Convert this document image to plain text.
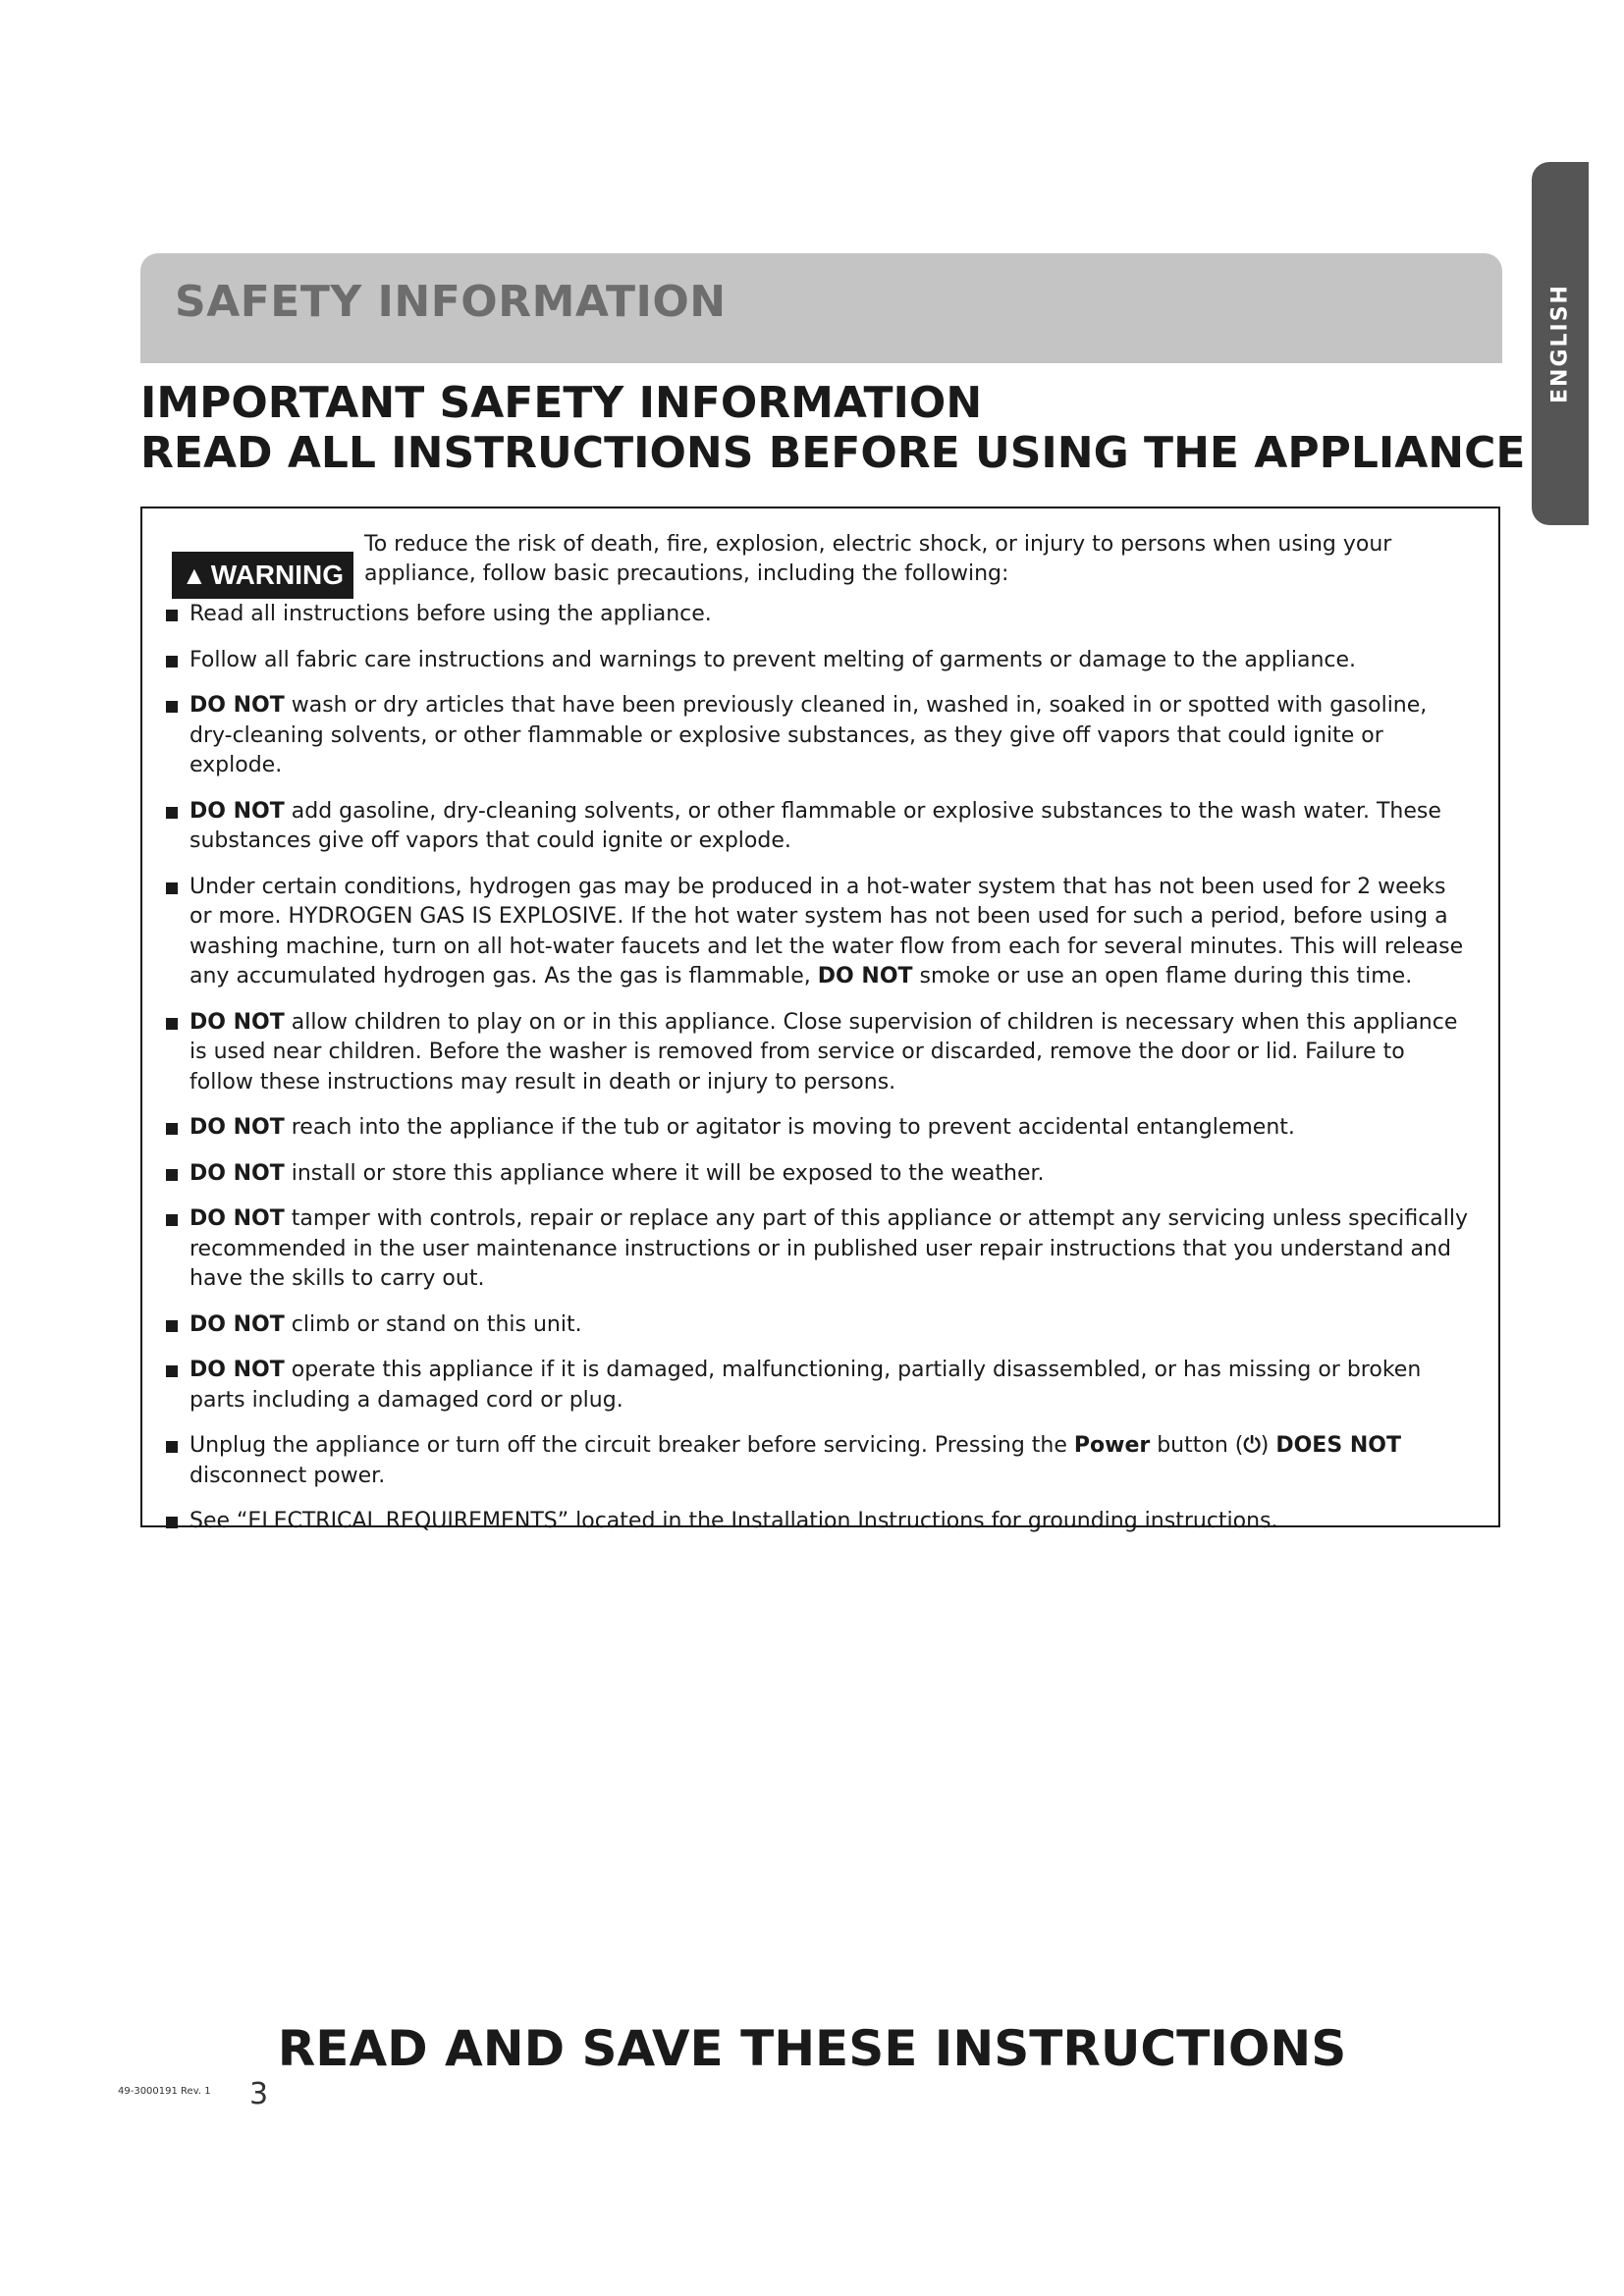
ENGLISH
SAFETY INFORMATION
IMPORTANT SAFETY INFORMATION
READ ALL INSTRUCTIONS BEFORE USING THE APPLIANCE
▲ WARNING
To reduce the risk of death, fire, explosion, electric shock, or injury to persons when using your appliance, follow basic precautions, including the following:
Read all instructions before using the appliance.
Follow all fabric care instructions and warnings to prevent melting of garments or damage to the appliance.
DO NOT wash or dry articles that have been previously cleaned in, washed in, soaked in or spotted with gasoline, dry-cleaning solvents, or other flammable or explosive substances, as they give off vapors that could ignite or explode.
DO NOT add gasoline, dry-cleaning solvents, or other flammable or explosive substances to the wash water. These substances give off vapors that could ignite or explode.
Under certain conditions, hydrogen gas may be produced in a hot-water system that has not been used for 2 weeks or more. HYDROGEN GAS IS EXPLOSIVE. If the hot water system has not been used for such a period, before using a washing machine, turn on all hot-water faucets and let the water flow from each for several minutes. This will release any accumulated hydrogen gas. As the gas is flammable, DO NOT smoke or use an open flame during this time.
DO NOT allow children to play on or in this appliance. Close supervision of children is necessary when this appliance is used near children. Before the washer is removed from service or discarded, remove the door or lid. Failure to follow these instructions may result in death or injury to persons.
DO NOT reach into the appliance if the tub or agitator is moving to prevent accidental entanglement.
DO NOT install or store this appliance where it will be exposed to the weather.
DO NOT tamper with controls, repair or replace any part of this appliance or attempt any servicing unless specifically recommended in the user maintenance instructions or in published user repair instructions that you understand and have the skills to carry out.
DO NOT climb or stand on this unit.
DO NOT operate this appliance if it is damaged, malfunctioning, partially disassembled, or has missing or broken parts including a damaged cord or plug.
Unplug the appliance or turn off the circuit breaker before servicing. Pressing the Power button (⏻) DOES NOT disconnect power.
See “ELECTRICAL REQUIREMENTS” located in the Installation Instructions for grounding instructions.
READ AND SAVE THESE INSTRUCTIONS
49-3000191 Rev. 1 3
